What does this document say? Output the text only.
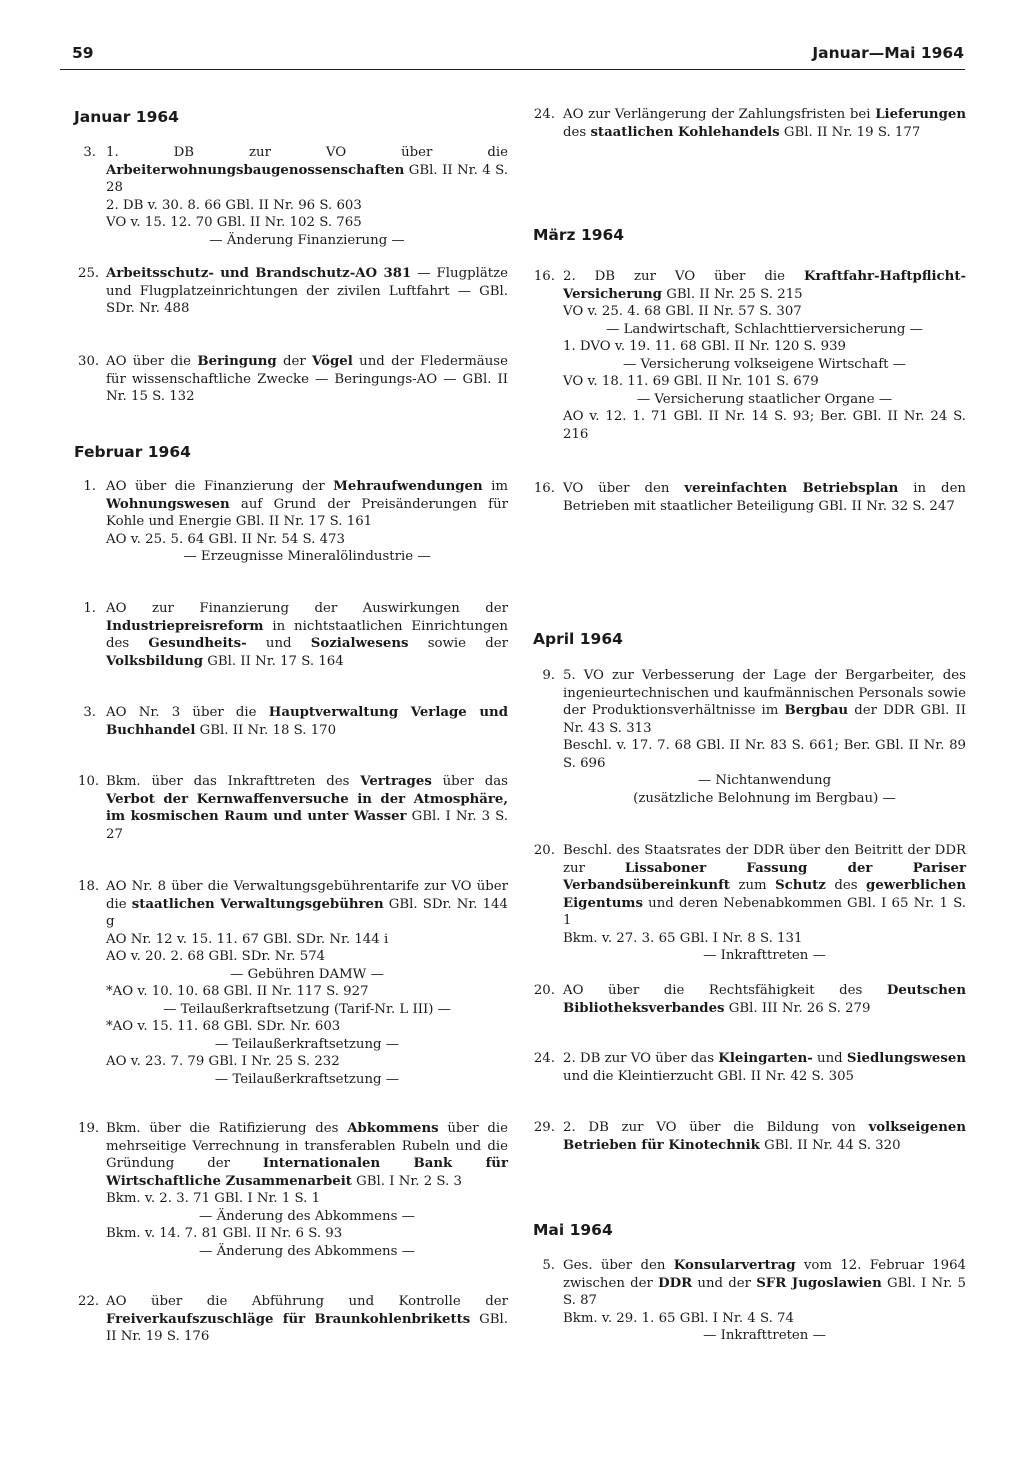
59	Januar—Mai 1964
Januar 1964
3. 1. DB zur VO über die Arbeiterwohnungsbaugenossenschaften GBl. II Nr. 4 S. 28
2. DB v. 30. 8. 66 GBl. II Nr. 96 S. 603
VO v. 15. 12. 70 GBl. II Nr. 102 S. 765
— Änderung Finanzierung —
25. Arbeitsschutz- und Brandschutz-AO 381 — Flugplätze und Flugplatzeinrichtungen der zivilen Luftfahrt — GBl. SDr. Nr. 488
30. AO über die Beringung der Vögel und der Fledermäuse für wissenschaftliche Zwecke — Beringungs-AO — GBl. II Nr. 15 S. 132
Februar 1964
1. AO über die Finanzierung der Mehraufwendungen im Wohnungswesen auf Grund der Preisänderungen für Kohle und Energie GBl. II Nr. 17 S. 161
AO v. 25. 5. 64 GBl. II Nr. 54 S. 473
— Erzeugnisse Mineralölindustrie —
1. AO zur Finanzierung der Auswirkungen der Industriepreisreform in nichtstaatlichen Einrichtungen des Gesundheits- und Sozialwesens sowie der Volksbildung GBl. II Nr. 17 S. 164
3. AO Nr. 3 über die Hauptverwaltung Verlage und Buchhandel GBl. II Nr. 18 S. 170
10. Bkm. über das Inkrafttreten des Vertrages über das Verbot der Kernwaffenversuche in der Atmosphäre, im kosmischen Raum und unter Wasser GBl. I Nr. 3 S. 27
18. AO Nr. 8 über die Verwaltungsgebührentarife zur VO über die staatlichen Verwaltungsgebühren GBl. SDr. Nr. 144 g
AO Nr. 12 v. 15. 11. 67 GBl. SDr. Nr. 144 i
AO v. 20. 2. 68 GBl. SDr. Nr. 574
— Gebühren DAMW —
*AO v. 10. 10. 68 GBl. II Nr. 117 S. 927
— Teilaußerkraftsetzung (Tarif-Nr. L III) —
*AO v. 15. 11. 68 GBl. SDr. Nr. 603
— Teilaußerkraftsetzung —
AO v. 23. 7. 79 GBl. I Nr. 25 S. 232
— Teilaußerkraftsetzung —
19. Bkm. über die Ratifizierung des Abkommens über die mehrseitige Verrechnung in transferablen Rubeln und die Gründung der Internationalen Bank für Wirtschaftliche Zusammenarbeit GBl. I Nr. 2 S. 3
Bkm. v. 2. 3. 71 GBl. I Nr. 1 S. 1
— Änderung des Abkommens —
Bkm. v. 14. 7. 81 GBl. II Nr. 6 S. 93
— Änderung des Abkommens —
22. AO über die Abführung und Kontrolle der Freiverkaufszuschläge für Braunkohlenbriketts GBl. II Nr. 19 S. 176
24. AO zur Verlängerung der Zahlungsfristen bei Lieferungen des staatlichen Kohlehandels GBl. II Nr. 19 S. 177
März 1964
16. 2. DB zur VO über die Kraftfahr-Haftpflicht-Versicherung GBl. II Nr. 25 S. 215
VO v. 25. 4. 68 GBl. II Nr. 57 S. 307
— Landwirtschaft, Schlachttierversicherung —
1. DVO v. 19. 11. 68 GBl. II Nr. 120 S. 939
— Versicherung volkseigene Wirtschaft —
VO v. 18. 11. 69 GBl. II Nr. 101 S. 679
— Versicherung staatlicher Organe —
AO v. 12. 1. 71 GBl. II Nr. 14 S. 93; Ber. GBl. II Nr. 24 S. 216
16. VO über den vereinfachten Betriebsplan in den Betrieben mit staatlicher Beteiligung GBl. II Nr. 32 S. 247
April 1964
9. 5. VO zur Verbesserung der Lage der Bergarbeiter, des ingenieurtechnischen und kaufmännischen Personals sowie der Produktionsverhältnisse im Bergbau der DDR GBl. II Nr. 43 S. 313
Beschl. v. 17. 7. 68 GBl. II Nr. 83 S. 661; Ber. GBl. II Nr. 89 S. 696
— Nichtanwendung
(zusätzliche Belohnung im Bergbau) —
20. Beschl. des Staatsrates der DDR über den Beitritt der DDR zur Lissaboner Fassung der Pariser Verbandsübereinkunft zum Schutz des gewerblichen Eigentums und deren Nebenabkommen GBl. I 65 Nr. 1 S. 1
Bkm. v. 27. 3. 65 GBl. I Nr. 8 S. 131
— Inkrafttreten —
20. AO über die Rechtsfähigkeit des Deutschen Bibliotheksverbandes GBl. III Nr. 26 S. 279
24. 2. DB zur VO über das Kleingarten- und Siedlungswesen und die Kleintierzucht GBl. II Nr. 42 S. 305
29. 2. DB zur VO über die Bildung von volkseigenen Betrieben für Kinotechnik GBl. II Nr. 44 S. 320
Mai 1964
5. Ges. über den Konsularvertrag vom 12. Februar 1964 zwischen der DDR und der SFR Jugoslawien GBl. I Nr. 5 S. 87
Bkm. v. 29. 1. 65 GBl. I Nr. 4 S. 74
— Inkrafttreten —
